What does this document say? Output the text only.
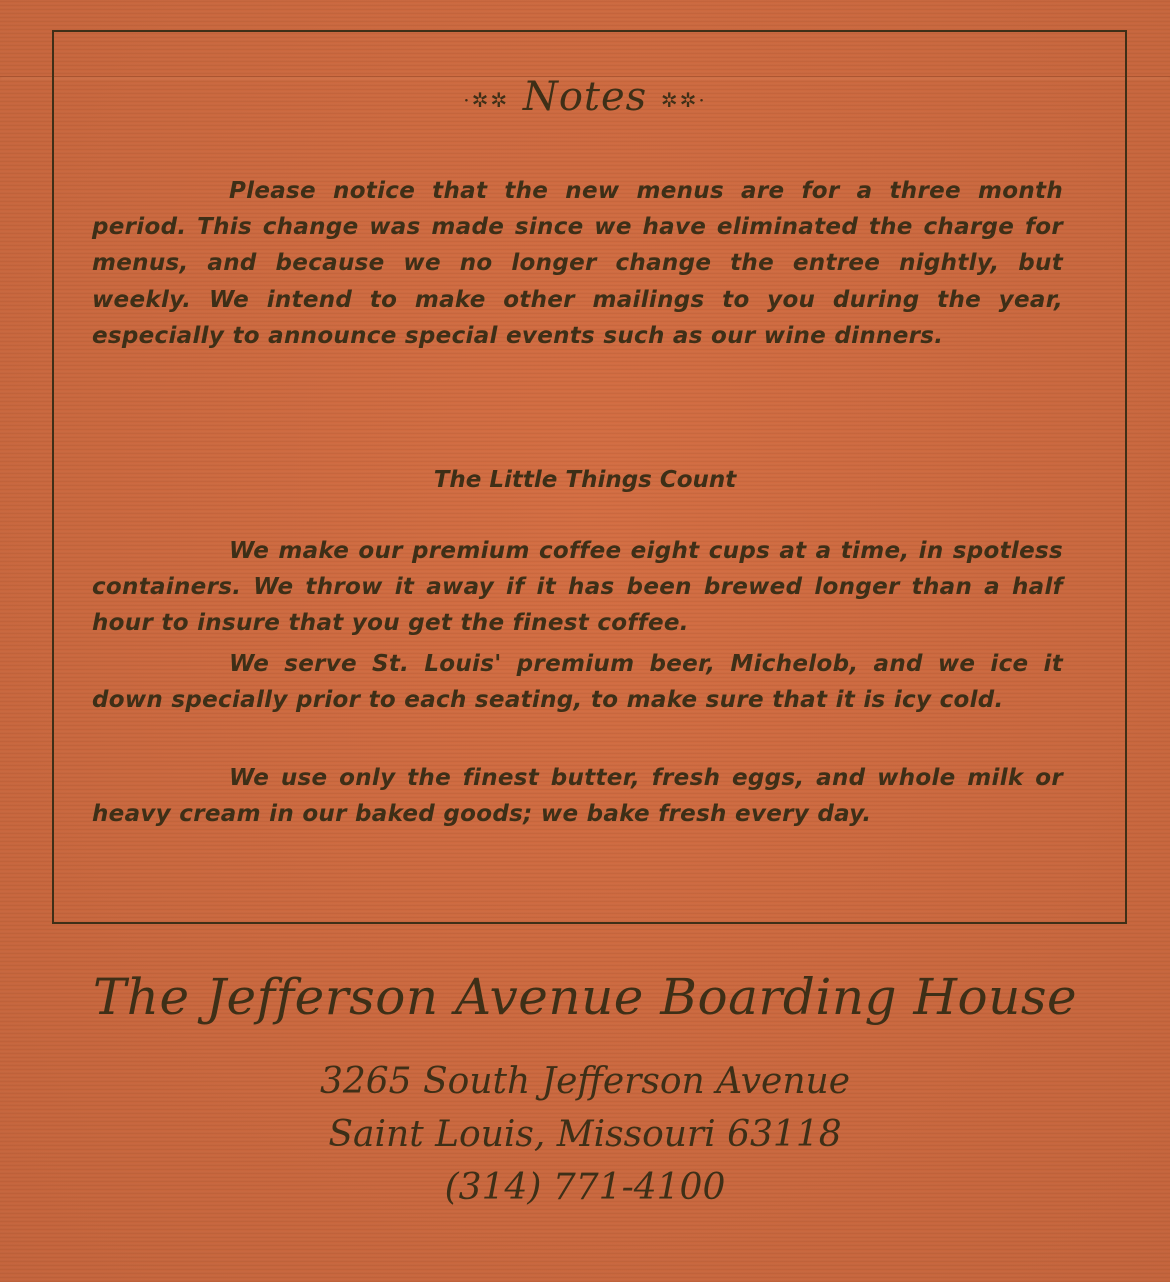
·✲✲ Notes ✲✲·

Please notice that the new menus are for a three month period. This change was made since we have eliminated the charge for menus, and because we no longer change the entree nightly, but weekly. We intend to make other mailings to you during the year, especially to announce special events such as our wine dinners.

The Little Things Count

We make our premium coffee eight cups at a time, in spotless containers. We throw it away if it has been brewed longer than a half hour to insure that you get the finest coffee.

We serve St. Louis' premium beer, Michelob, and we ice it down specially prior to each seating, to make sure that it is icy cold.

We use only the finest butter, fresh eggs, and whole milk or heavy cream in our baked goods; we bake fresh every day.

The Jefferson Avenue Boarding House
3265 South Jefferson Avenue
Saint Louis, Missouri 63118
(314) 771-4100
